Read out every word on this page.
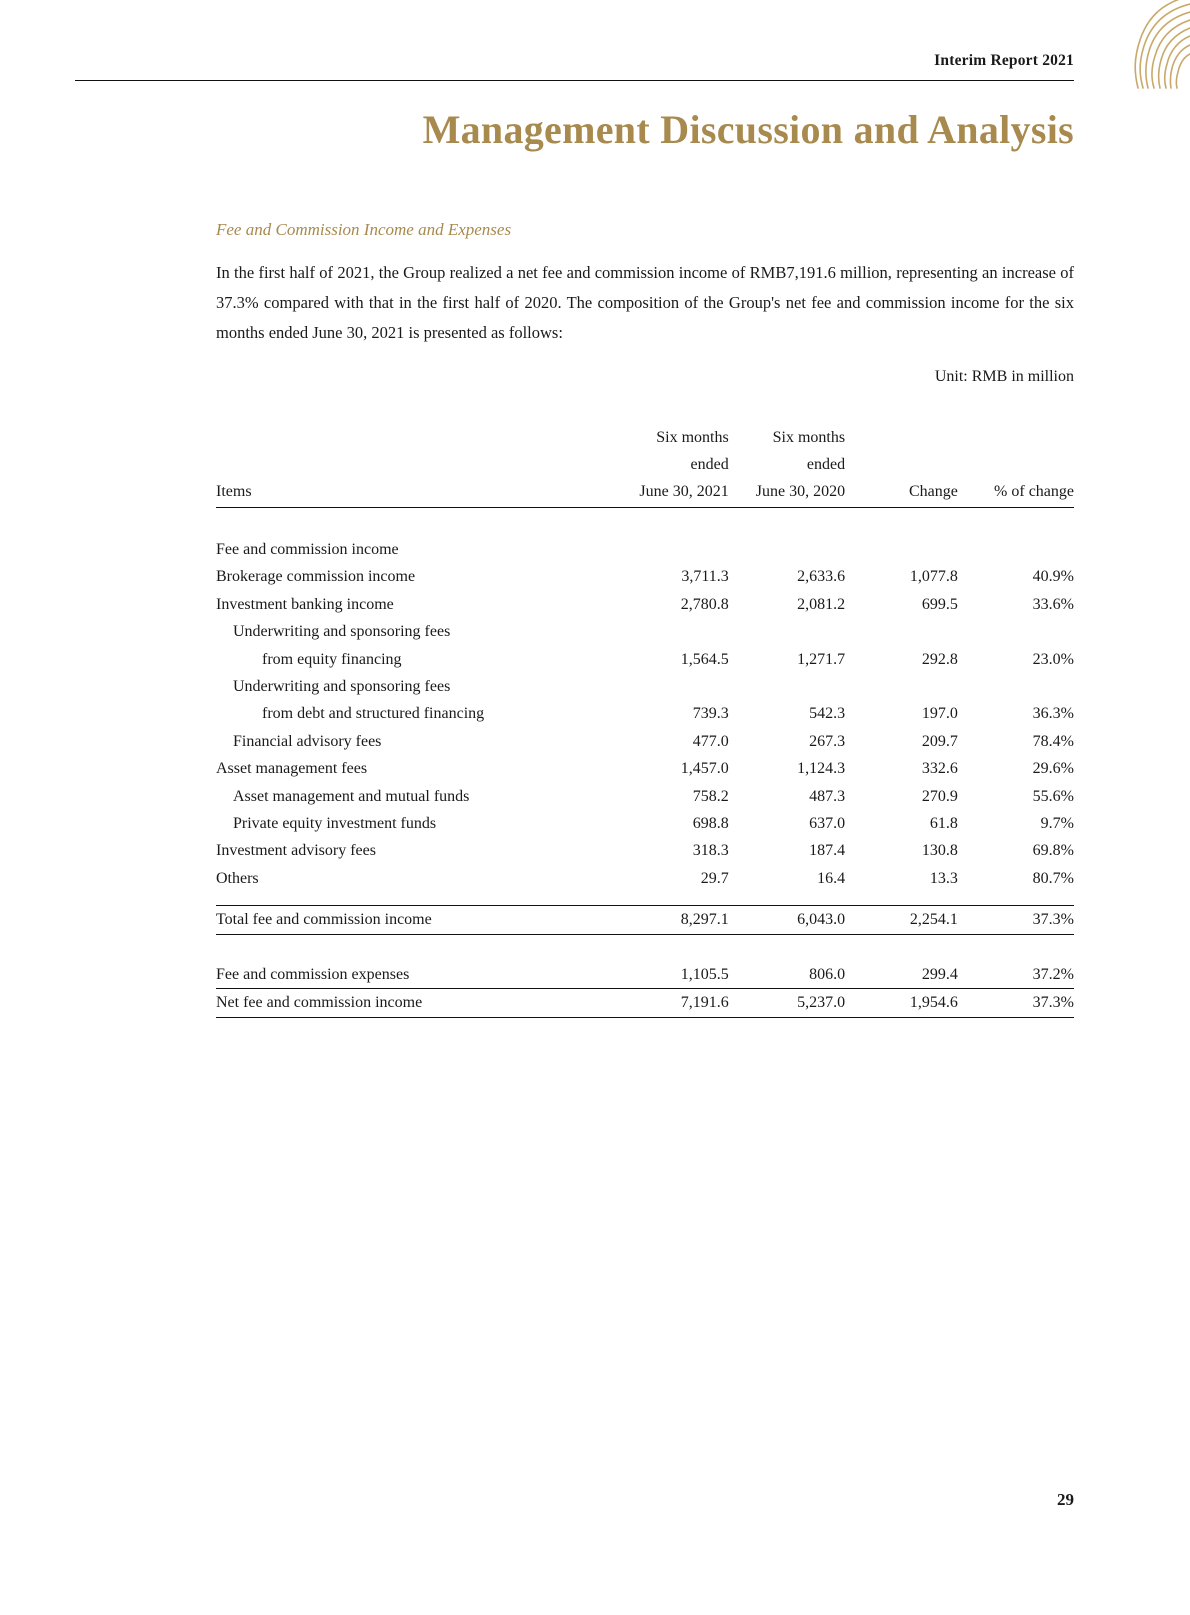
Interim Report 2021
Management Discussion and Analysis
Fee and Commission Income and Expenses
In the first half of 2021, the Group realized a net fee and commission income of RMB7,191.6 million, representing an increase of 37.3% compared with that in the first half of 2020. The composition of the Group's net fee and commission income for the six months ended June 30, 2021 is presented as follows:
Unit: RMB in million
	Six months	Six months		
	ended	ended		
Items	June 30, 2021	June 30, 2020	Change	% of change

Fee and commission income				
Brokerage commission income	3,711.3	2,633.6	1,077.8	40.9%
Investment banking income	2,780.8	2,081.2	699.5	33.6%
Underwriting and sponsoring fees				
from equity financing	1,564.5	1,271.7	292.8	23.0%
Underwriting and sponsoring fees				
from debt and structured financing	739.3	542.3	197.0	36.3%
Financial advisory fees	477.0	267.3	209.7	78.4%
Asset management fees	1,457.0	1,124.3	332.6	29.6%
Asset management and mutual funds	758.2	487.3	270.9	55.6%
Private equity investment funds	698.8	637.0	61.8	9.7%
Investment advisory fees	318.3	187.4	130.8	69.8%
Others	29.7	16.4	13.3	80.7%

Total fee and commission income	8,297.1	6,043.0	2,254.1	37.3%

Fee and commission expenses	1,105.5	806.0	299.4	37.2%
Net fee and commission income	7,191.6	5,237.0	1,954.6	37.3%
29
